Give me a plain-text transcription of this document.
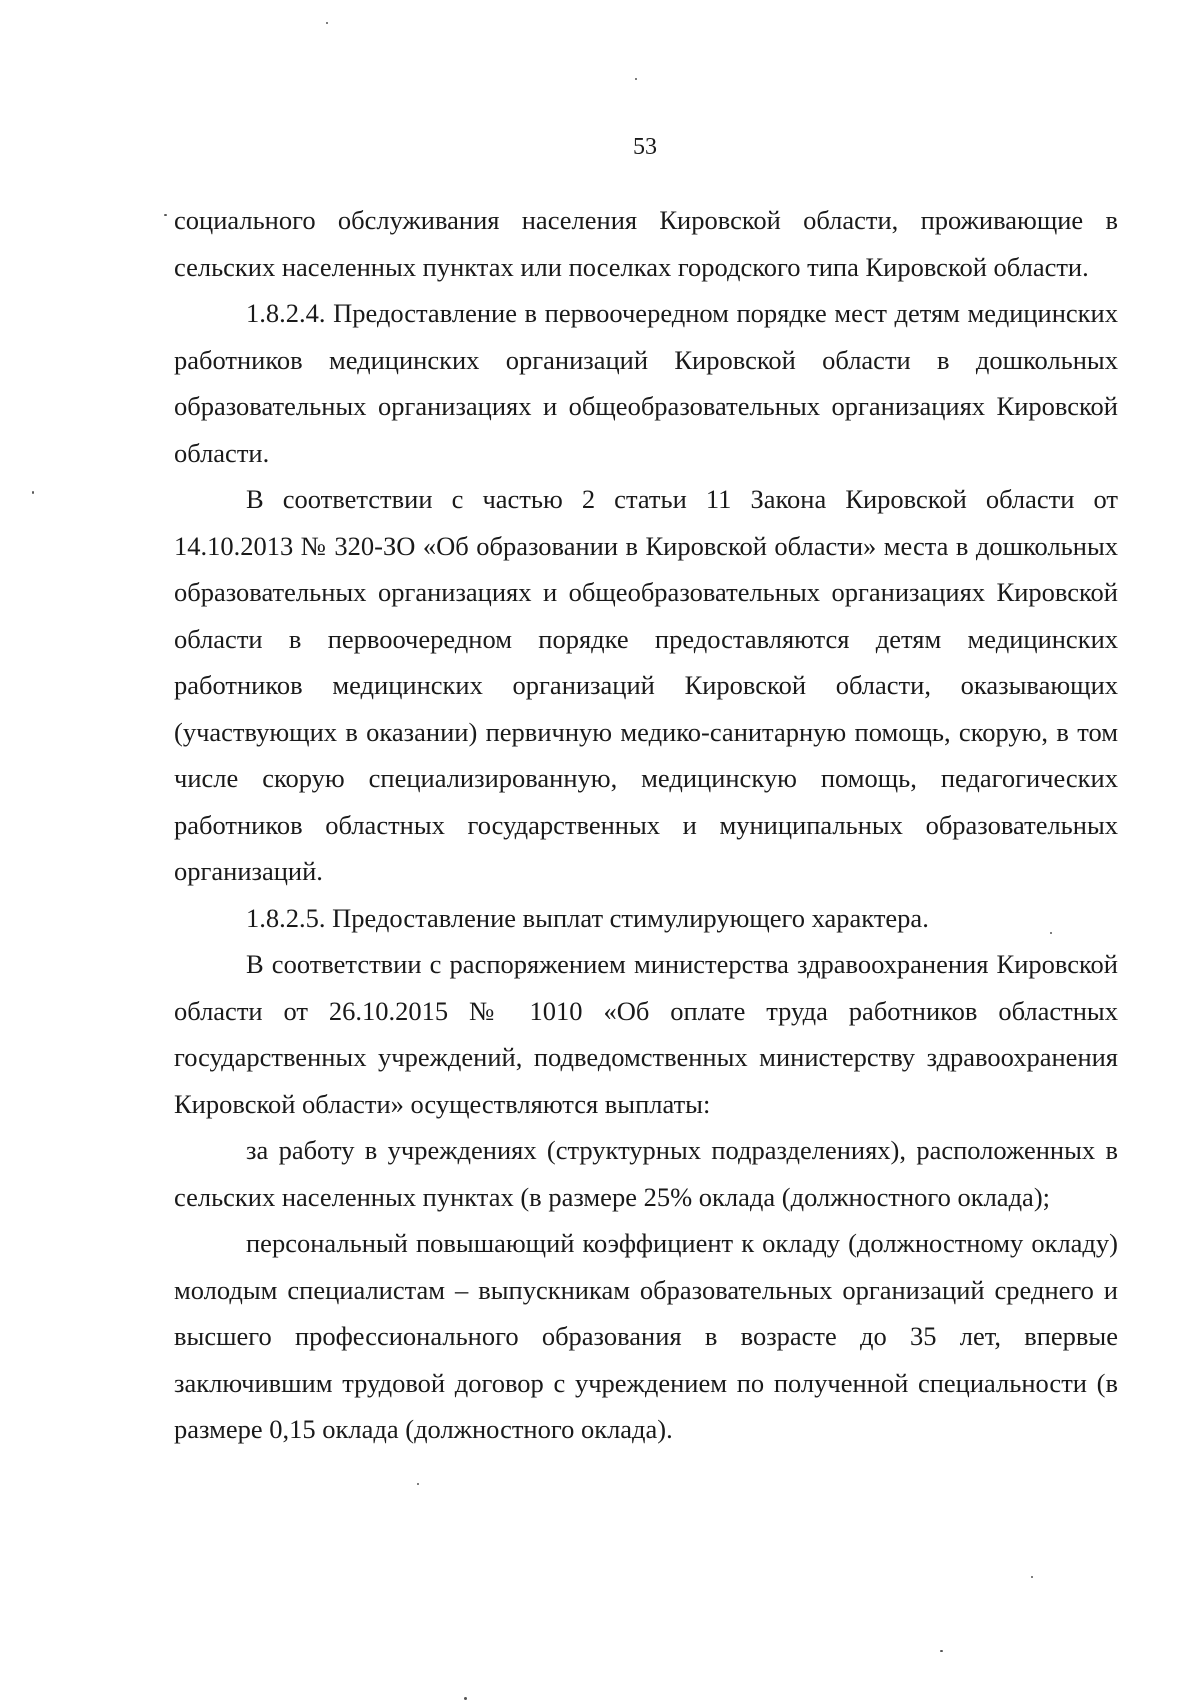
53

социального обслуживания населения Кировской области, проживающие в сельских населенных пунктах или поселках городского типа Кировской области.

1.8.2.4. Предоставление в первоочередном порядке мест детям медицинских работников медицинских организаций Кировской области в дошкольных образовательных организациях и общеобразовательных организациях Кировской области.

В соответствии с частью 2 статьи 11 Закона Кировской области от 14.10.2013 № 320-ЗО «Об образовании в Кировской области» места в дошкольных образовательных организациях и общеобразовательных организациях Кировской области в первоочередном порядке предоставляются детям медицинских работников медицинских организаций Кировской области, оказывающих (участвующих в оказании) первичную медико-санитарную помощь, скорую, в том числе скорую специализированную, медицинскую помощь, педагогических работников областных государственных и муниципальных образовательных организаций.

1.8.2.5. Предоставление выплат стимулирующего характера.

В соответствии с распоряжением министерства здравоохранения Кировской области от 26.10.2015 № 1010 «Об оплате труда работников областных государственных учреждений, подведомственных министерству здравоохранения Кировской области» осуществляются выплаты:

за работу в учреждениях (структурных подразделениях), расположенных в сельских населенных пунктах (в размере 25% оклада (должностного оклада);

персональный повышающий коэффициент к окладу (должностному окладу) молодым специалистам – выпускникам образовательных организаций среднего и высшего профессионального образования в возрасте до 35 лет, впервые заключившим трудовой договор с учреждением по полученной специальности (в размере 0,15 оклада (должностного оклада).
